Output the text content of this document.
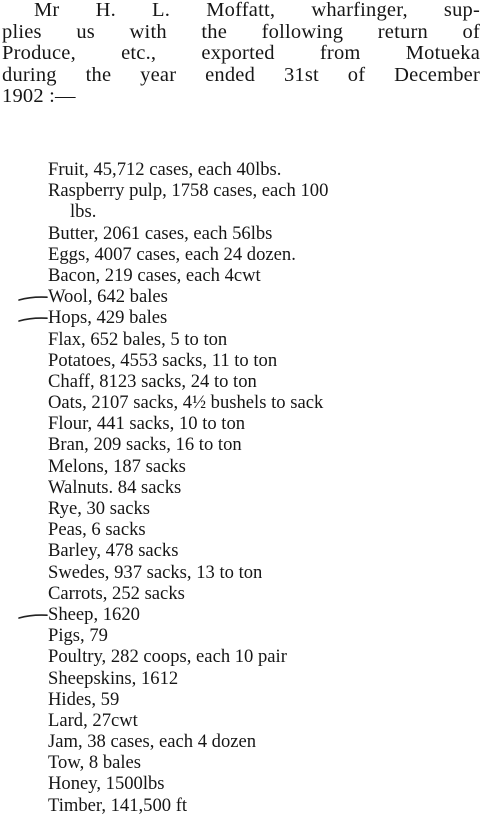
Mr H. L. Moffatt, wharfinger, sup-
plies us with the following return of
Produce, etc., exported from Motueka
during the year ended 31st of December
1902 :—
Fruit, 45,712 cases, each 40lbs.
Raspberry pulp, 1758 cases, each 100
lbs.
Butter, 2061 cases, each 56lbs
Eggs, 4007 cases, each 24 dozen.
Bacon, 219 cases, each 4cwt
Wool, 642 bales
Hops, 429 bales
Flax, 652 bales, 5 to ton
Potatoes, 4553 sacks, 11 to ton
Chaff, 8123 sacks, 24 to ton
Oats, 2107 sacks, 4½ bushels to sack
Flour, 441 sacks, 10 to ton
Bran, 209 sacks, 16 to ton
Melons, 187 sacks
Walnuts. 84 sacks
Rye, 30 sacks
Peas, 6 sacks
Barley, 478 sacks
Swedes, 937 sacks, 13 to ton
Carrots, 252 sacks
Sheep, 1620
Pigs, 79
Poultry, 282 coops, each 10 pair
Sheepskins, 1612
Hides, 59
Lard, 27cwt
Jam, 38 cases, each 4 dozen
Tow, 8 bales
Honey, 1500lbs
Timber, 141,500 ft
